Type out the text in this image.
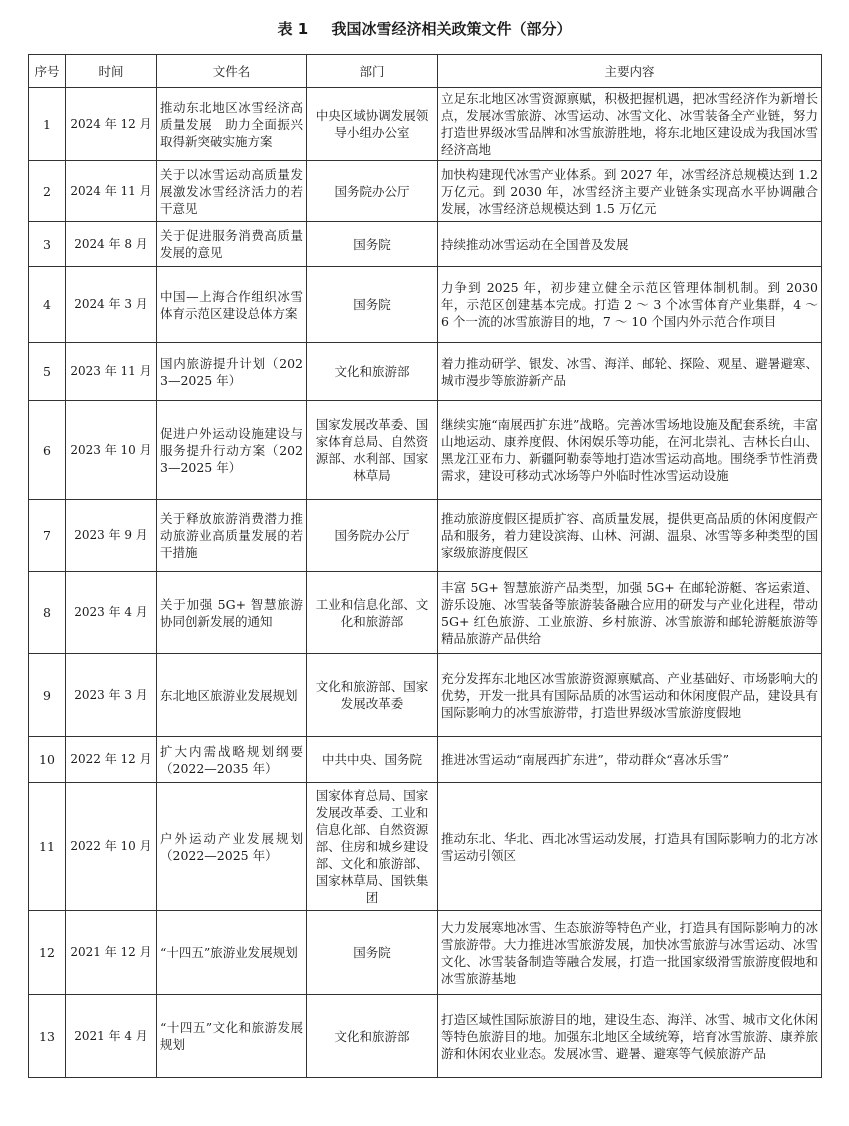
表 1 我国冰雪经济相关政策文件（部分）
序号	时间	文件名	部门	主要内容
1	2024 年 12 月	推动东北地区冰雪经济高质量发展　助力全面振兴取得新突破实施方案	中央区域协调发展领导小组办公室	立足东北地区冰雪资源禀赋，积极把握机遇，把冰雪经济作为新增长点，发展冰雪旅游、冰雪运动、冰雪文化、冰雪装备全产业链，努力打造世界级冰雪品牌和冰雪旅游胜地，将东北地区建设成为我国冰雪经济高地
2	2024 年 11 月	关于以冰雪运动高质量发展激发冰雪经济活力的若干意见	国务院办公厅	加快构建现代冰雪产业体系。到 2027 年，冰雪经济总规模达到 1.2 万亿元。到 2030 年，冰雪经济主要产业链条实现高水平协调融合发展，冰雪经济总规模达到 1.5 万亿元
3	2024 年 8 月	关于促进服务消费高质量发展的意见	国务院	持续推动冰雪运动在全国普及发展
4	2024 年 3 月	中国—上海合作组织冰雪体育示范区建设总体方案	国务院	力争到 2025 年，初步建立健全示范区管理体制机制。到 2030 年，示范区创建基本完成。打造 2 ～ 3 个冰雪体育产业集群，4 ～ 6 个一流的冰雪旅游目的地，7 ～ 10 个国内外示范合作项目
5	2023 年 11 月	国内旅游提升计划（2023—2025 年）	文化和旅游部	着力推动研学、银发、冰雪、海洋、邮轮、探险、观星、避暑避寒、城市漫步等旅游新产品
6	2023 年 10 月	促进户外运动设施建设与服务提升行动方案（2023—2025 年）	国家发展改革委、国家体育总局、自然资源部、水利部、国家林草局	继续实施“南展西扩东进”战略。完善冰雪场地设施及配套系统，丰富山地运动、康养度假、休闲娱乐等功能，在河北崇礼、吉林长白山、黑龙江亚布力、新疆阿勒泰等地打造冰雪运动高地。围绕季节性消费需求，建设可移动式冰场等户外临时性冰雪运动设施
7	2023 年 9 月	关于释放旅游消费潜力推动旅游业高质量发展的若干措施	国务院办公厅	推动旅游度假区提质扩容、高质量发展，提供更高品质的休闲度假产品和服务，着力建设滨海、山林、河湖、温泉、冰雪等多种类型的国家级旅游度假区
8	2023 年 4 月	关于加强 5G+ 智慧旅游协同创新发展的通知	工业和信息化部、文化和旅游部	丰富 5G+ 智慧旅游产品类型，加强 5G+ 在邮轮游艇、客运索道、游乐设施、冰雪装备等旅游装备融合应用的研发与产业化进程，带动 5G+ 红色旅游、工业旅游、乡村旅游、冰雪旅游和邮轮游艇旅游等精品旅游产品供给
9	2023 年 3 月	东北地区旅游业发展规划	文化和旅游部、国家发展改革委	充分发挥东北地区冰雪旅游资源禀赋高、产业基础好、市场影响大的优势，开发一批具有国际品质的冰雪运动和休闲度假产品，建设具有国际影响力的冰雪旅游带，打造世界级冰雪旅游度假地
10	2022 年 12 月	扩大内需战略规划纲要（2022—2035 年）	中共中央、国务院	推进冰雪运动“南展西扩东进”，带动群众“喜冰乐雪”
11	2022 年 10 月	户外运动产业发展规划（2022—2025 年）	国家体育总局、国家发展改革委、工业和信息化部、自然资源部、住房和城乡建设部、文化和旅游部、国家林草局、国铁集团	推动东北、华北、西北冰雪运动发展，打造具有国际影响力的北方冰雪运动引领区
12	2021 年 12 月	“十四五”旅游业发展规划	国务院	大力发展寒地冰雪、生态旅游等特色产业，打造具有国际影响力的冰雪旅游带。大力推进冰雪旅游发展，加快冰雪旅游与冰雪运动、冰雪文化、冰雪装备制造等融合发展，打造一批国家级滑雪旅游度假地和冰雪旅游基地
13	2021 年 4 月	“十四五”文化和旅游发展规划	文化和旅游部	打造区域性国际旅游目的地，建设生态、海洋、冰雪、城市文化休闲等特色旅游目的地。加强东北地区全域统筹，培育冰雪旅游、康养旅游和休闲农业业态。发展冰雪、避暑、避寒等气候旅游产品
